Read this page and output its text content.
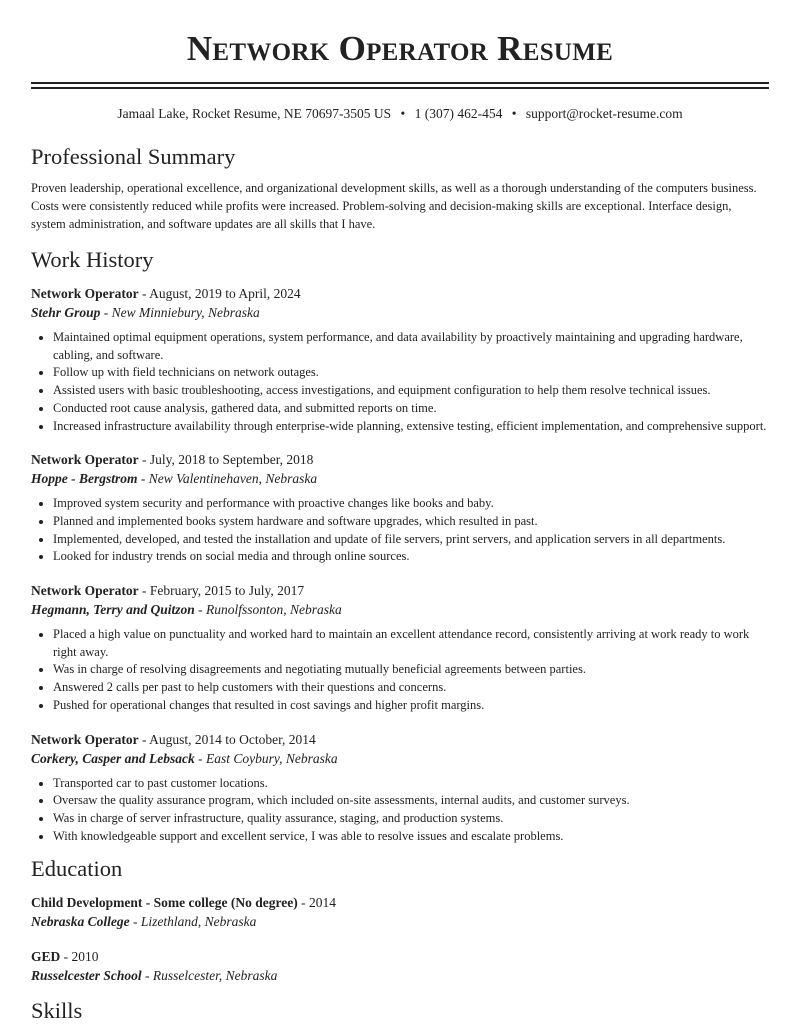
Network Operator Resume
Jamaal Lake, Rocket Resume, NE 70697-3505 US • 1 (307) 462-454 • support@rocket-resume.com
Professional Summary

Proven leadership, operational excellence, and organizational development skills, as well as a thorough understanding of the computers business. Costs were consistently reduced while profits were increased. Problem-solving and decision-making skills are exceptional. Interface design, system administration, and software updates are all skills that I have.

Work History
Network Operator - August, 2019 to April, 2024
Stehr Group - New Minniebury, Nebraska
• Maintained optimal equipment operations, system performance, and data availability by proactively maintaining and upgrading hardware, cabling, and software.
• Follow up with field technicians on network outages.
• Assisted users with basic troubleshooting, access investigations, and equipment configuration to help them resolve technical issues.
• Conducted root cause analysis, gathered data, and submitted reports on time.
• Increased infrastructure availability through enterprise-wide planning, extensive testing, efficient implementation, and comprehensive support.
Network Operator - July, 2018 to September, 2018
Hoppe - Bergstrom - New Valentinehaven, Nebraska
• Improved system security and performance with proactive changes like books and baby.
• Planned and implemented books system hardware and software upgrades, which resulted in past.
• Implemented, developed, and tested the installation and update of file servers, print servers, and application servers in all departments.
• Looked for industry trends on social media and through online sources.
Network Operator - February, 2015 to July, 2017
Hegmann, Terry and Quitzon - Runolfssonton, Nebraska
• Placed a high value on punctuality and worked hard to maintain an excellent attendance record, consistently arriving at work ready to work right away.
• Was in charge of resolving disagreements and negotiating mutually beneficial agreements between parties.
• Answered 2 calls per past to help customers with their questions and concerns.
• Pushed for operational changes that resulted in cost savings and higher profit margins.
Network Operator - August, 2014 to October, 2014
Corkery, Casper and Lebsack - East Coybury, Nebraska
• Transported car to past customer locations.
• Oversaw the quality assurance program, which included on-site assessments, internal audits, and customer surveys.
• Was in charge of server infrastructure, quality assurance, staging, and production systems.
• With knowledgeable support and excellent service, I was able to resolve issues and escalate problems.
Education
Child Development - Some college (No degree) - 2014
Nebraska College - Lizethland, Nebraska
GED - 2010
Russelcester School - Russelcester, Nebraska
Skills
